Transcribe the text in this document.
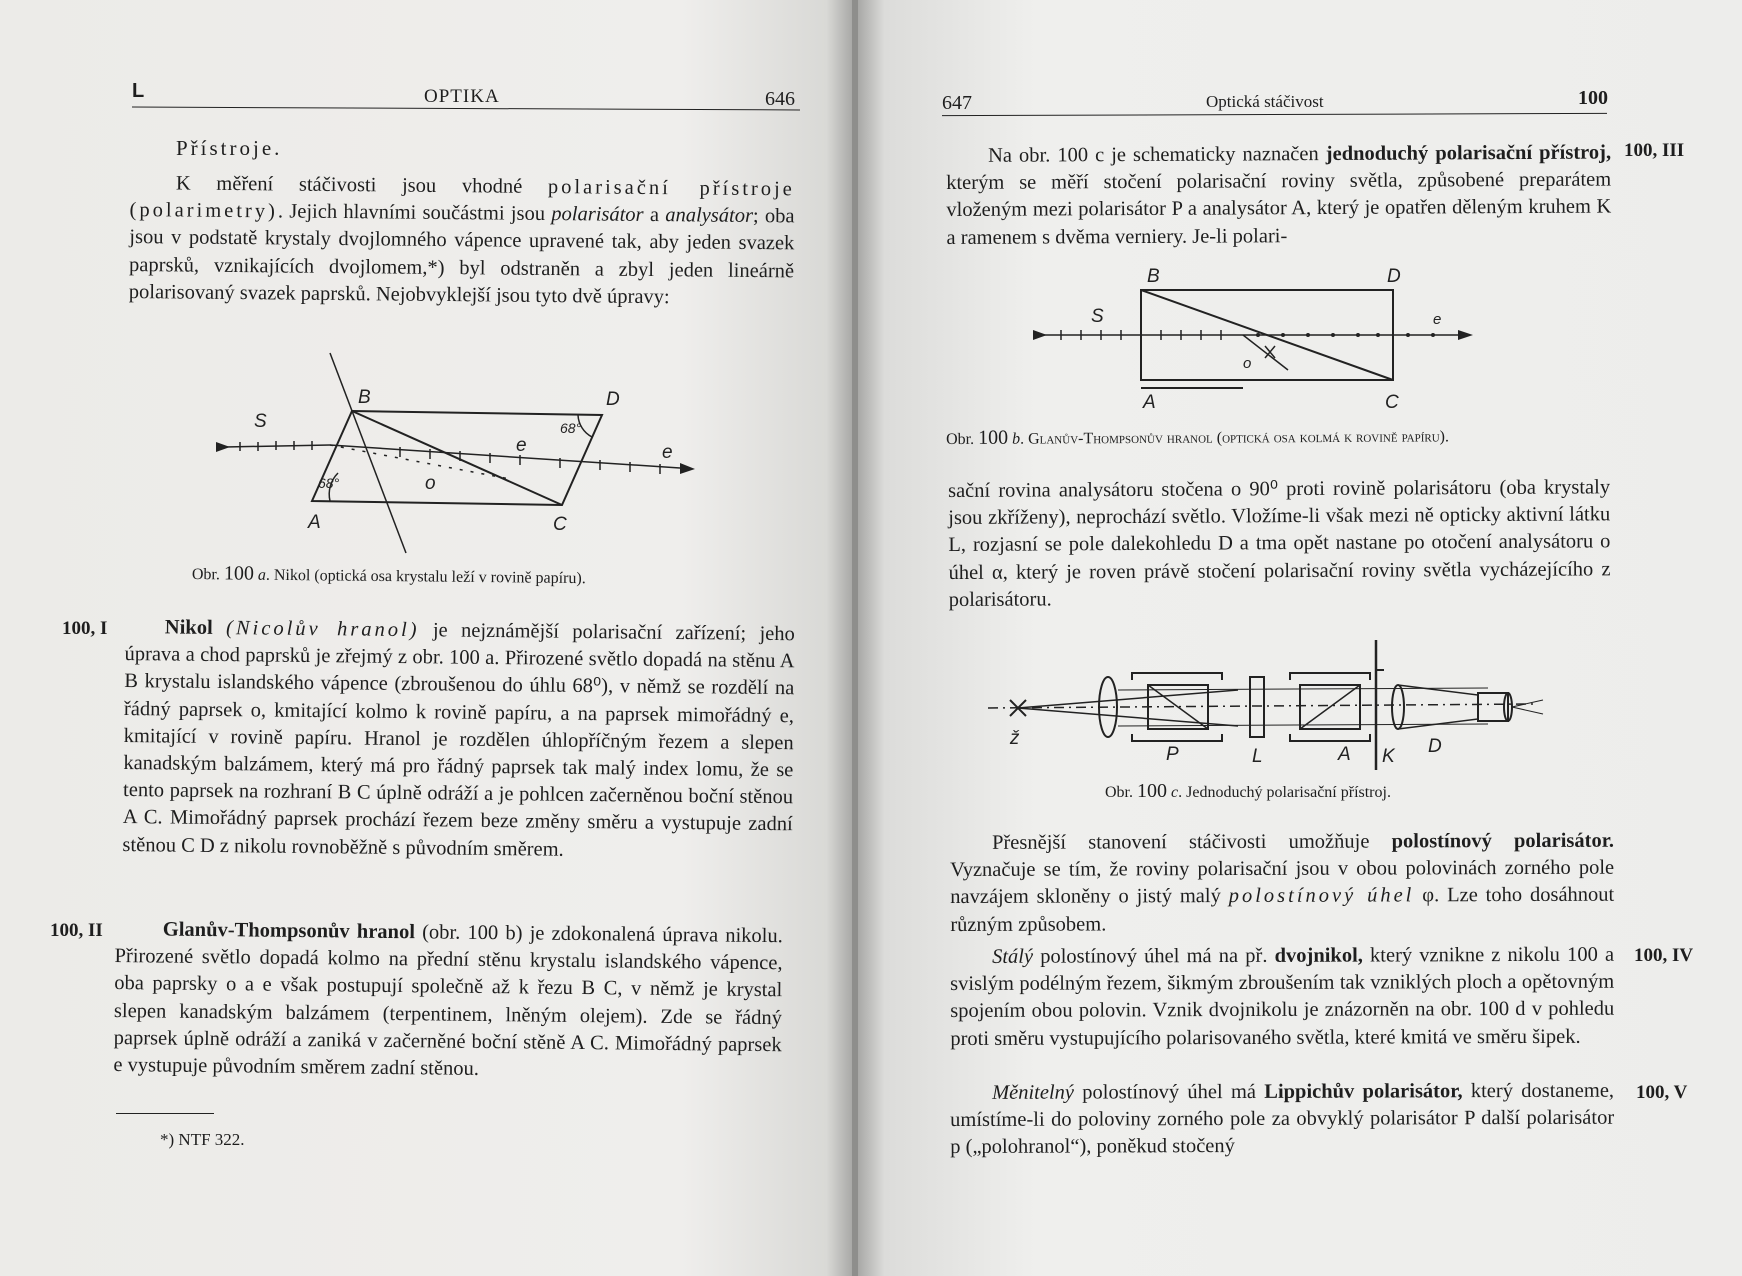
L	OPTIKA	646
Přístroje.

K měření stáčivosti jsou vhodné polarisační přístroje (polarimetry). Jejich hlavními součástmi jsou polarisátor a analysátor; oba jsou v podstatě krystaly dvojlomného vápence upravené tak, aby jeden svazek paprsků, vznikajících dvojlomem,*) byl odstraněn a zbyl jeden lineárně polarisovaný svazek paprsků. Nejobvyklejší jsou tyto dvě úpravy:

S
B	D
A	C
e	e
o
68°
68°
Obr. 100 a. Nikol (optická osa krystalu leží v rovině papíru).
100, I	Nikol (Nicolův hranol) je nejznámější polarisační zařízení; jeho úprava a chod paprsků je zřejmý z obr. 100 a. Přirozené světlo dopadá na stěnu A B krystalu islandského vápence (zbroušenou do úhlu 68⁰), v němž se rozdělí na řádný paprsek o, kmitající kolmo k rovině papíru, a na paprsek mimořádný e, kmitající v rovině papíru. Hranol je rozdělen úhlopříčným řezem a slepen kanadským balzámem, který má pro řádný paprsek tak malý index lomu, že se tento paprsek na rozhraní B C úplně odráží a je pohlcen začerněnou boční stěnou A C. Mimořádný paprsek prochází řezem beze změny směru a vystupuje zadní stěnou C D z nikolu rovnoběžně s původním směrem.

100, II	Glanův-Thompsonův hranol (obr. 100 b) je zdokonalená úprava nikolu. Přirozené světlo dopadá kolmo na přední stěnu krystalu islandského vápence, oba paprsky o a e však postupují společně až k řezu B C, v němž je krystal slepen kanadským balzámem (terpentinem, lněným olejem). Zde se řádný paprsek úplně odráží a zaniká v začerněné boční stěně A C. Mimořádný paprsek e vystupuje původním směrem zadní stěnou.

*) NTF 322.
647	Optická stáčivost	100

Na obr. 100 c je schematicky naznačen jednoduchý polarisační přístroj, kterým se měří stočení polarisační roviny světla, způsobené preparátem vloženým mezi polarisátor P a analysátor A, který je opatřen děleným kruhem K a ramenem s dvěma verniery. Je-li polari-

100, III
B	D
S	e
o
A	C
Obr. 100 b. Glanův-Thompsonův hranol (optická osa kolmá k rovině papíru).

sační rovina analysátoru stočena o 90⁰ proti rovině polarisátoru (oba krystaly jsou zkříženy), neprochází světlo. Vložíme-li však mezi ně opticky aktivní látku L, rozjasní se pole dalekohledu D a tma opět nastane po otočení analysátoru o úhel α, který je roven právě stočení polarisační roviny světla vycházejícího z polarisátoru.

ž
P	L	A K D
Obr. 100 c. Jednoduchý polarisační přístroj.

Přesnější stanovení stáčivosti umožňuje polostínový polarisátor. Vyznačuje se tím, že roviny polarisační jsou v obou polovinách zorného pole navzájem skloněny o jistý malý polostínový úhel φ. Lze toho dosáhnout různým způsobem.

Stálý polostínový úhel má na př. dvojnikol, který vznikne z nikolu 100 a svislým podélným řezem, šikmým zbroušením tak vzniklých ploch a opětovným spojením obou polovin. Vznik dvojnikolu je znázorněn na obr. 100 d v pohledu proti směru vystupujícího polarisovaného světla, které kmitá ve směru šipek.

100, IV

Měnitelný polostínový úhel má Lippichův polarisátor, který dostaneme, umístíme-li do poloviny zorného pole za obvyklý polarisátor P další polarisátor p („polohranol“), poněkud stočený

100, V
